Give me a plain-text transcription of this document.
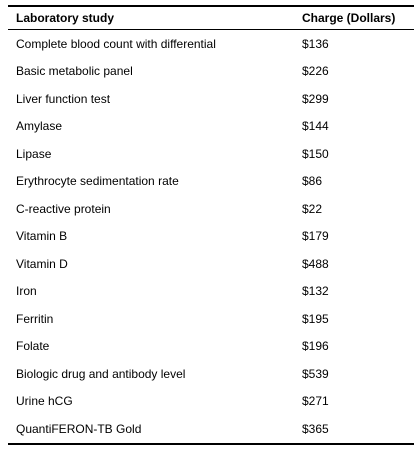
Laboratory study	Charge (Dollars)
Complete blood count with differential	$136
Basic metabolic panel	$226
Liver function test	$299
Amylase	$144
Lipase	$150
Erythrocyte sedimentation rate	$86
C-reactive protein	$22
Vitamin B	$179
Vitamin D	$488
Iron	$132
Ferritin	$195
Folate	$196
Biologic drug and antibody level	$539
Urine hCG	$271
QuantiFERON-TB Gold	$365
